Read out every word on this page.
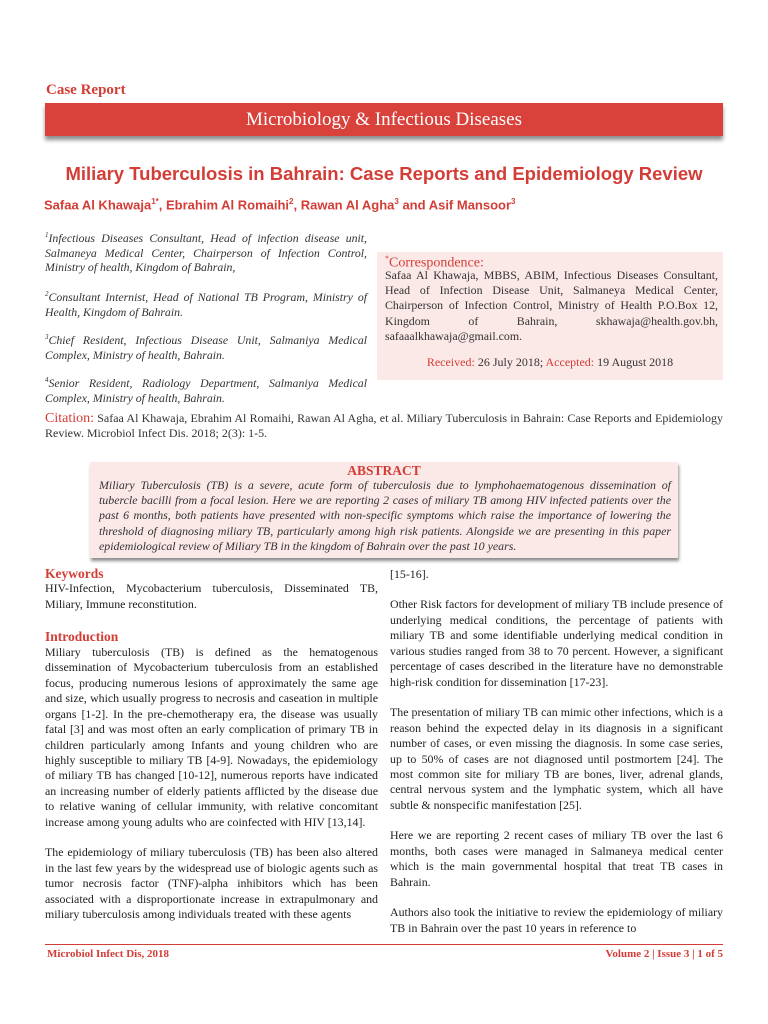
Case Report
Microbiology & Infectious Diseases
Miliary Tuberculosis in Bahrain: Case Reports and Epidemiology Review
Safaa Al Khawaja$^{1*}$, Ebrahim Al Romaihi$^2$, Rawan Al Agha$^3$ and Asif Mansoor$^3$
$^1$Infectious Diseases Consultant, Head of infection disease unit, Salmaneya Medical Center, Chairperson of Infection Control, Ministry of health, Kingdom of Bahrain,
$^2$Consultant Internist, Head of National TB Program, Ministry of Health, Kingdom of Bahrain.
$^3$Chief Resident, Infectious Disease Unit, Salmaniya Medical Complex, Ministry of health, Bahrain.
$^4$Senior Resident, Radiology Department, Salmaniya Medical Complex, Ministry of health, Bahrain.
*Correspondence:
Safaa Al Khawaja, MBBS, ABIM, Infectious Diseases Consultant, Head of Infection Disease Unit, Salmaneya Medical Center, Chairperson of Infection Control, Ministry of Health P.O.Box 12, Kingdom of Bahrain, skhawaja@health.gov.bh, safaaalkhawaja@gmail.com.
Received: 26 July 2018; Accepted: 19 August 2018
Citation: Safaa Al Khawaja, Ebrahim Al Romaihi, Rawan Al Agha, et al. Miliary Tuberculosis in Bahrain: Case Reports and Epidemiology Review. Microbiol Infect Dis. 2018; 2(3): 1-5.
ABSTRACT
Miliary Tuberculosis (TB) is a severe, acute form of tuberculosis due to lymphohaematogenous dissemination of tubercle bacilli from a focal lesion. Here we are reporting 2 cases of miliary TB among HIV infected patients over the past 6 months, both patients have presented with non-specific symptoms which raise the importance of lowering the threshold of diagnosing miliary TB, particularly among high risk patients. Alongside we are presenting in this paper epidemiological review of Miliary TB in the kingdom of Bahrain over the past 10 years.
Keywords

HIV-Infection, Mycobacterium tuberculosis, Disseminated TB, Miliary, Immune reconstitution.

Introduction

Miliary tuberculosis (TB) is defined as the hematogenous dissemination of Mycobacterium tuberculosis from an established focus, producing numerous lesions of approximately the same age and size, which usually progress to necrosis and caseation in multiple organs [1-2]. In the pre-chemotherapy era, the disease was usually fatal [3] and was most often an early complication of primary TB in children particularly among Infants and young children who are highly susceptible to miliary TB [4-9]. Nowadays, the epidemiology of miliary TB has changed [10-12], numerous reports have indicated an increasing number of elderly patients afflicted by the disease due to relative waning of cellular immunity, with relative concomitant increase among young adults who are coinfected with HIV [13,14].

The epidemiology of miliary tuberculosis (TB) has been also altered in the last few years by the widespread use of biologic agents such as tumor necrosis factor (TNF)-alpha inhibitors which has been associated with a disproportionate increase in extrapulmonary and miliary tuberculosis among individuals treated with these agents

[15-16].

Other Risk factors for development of miliary TB include presence of underlying medical conditions, the percentage of patients with miliary TB and some identifiable underlying medical condition in various studies ranged from 38 to 70 percent. However, a significant percentage of cases described in the literature have no demonstrable high-risk condition for dissemination [17-23].

The presentation of miliary TB can mimic other infections, which is a reason behind the expected delay in its diagnosis in a significant number of cases, or even missing the diagnosis. In some case series, up to 50% of cases are not diagnosed until postmortem [24]. The most common site for miliary TB are bones, liver, adrenal glands, central nervous system and the lymphatic system, which all have subtle & nonspecific manifestation [25].

Here we are reporting 2 recent cases of miliary TB over the last 6 months, both cases were managed in Salmaneya medical center which is the main governmental hospital that treat TB cases in Bahrain.

Authors also took the initiative to review the epidemiology of miliary TB in Bahrain over the past 10 years in reference to

Microbiol Infect Dis, 2018	Volume 2 | Issue 3 | 1 of 5
